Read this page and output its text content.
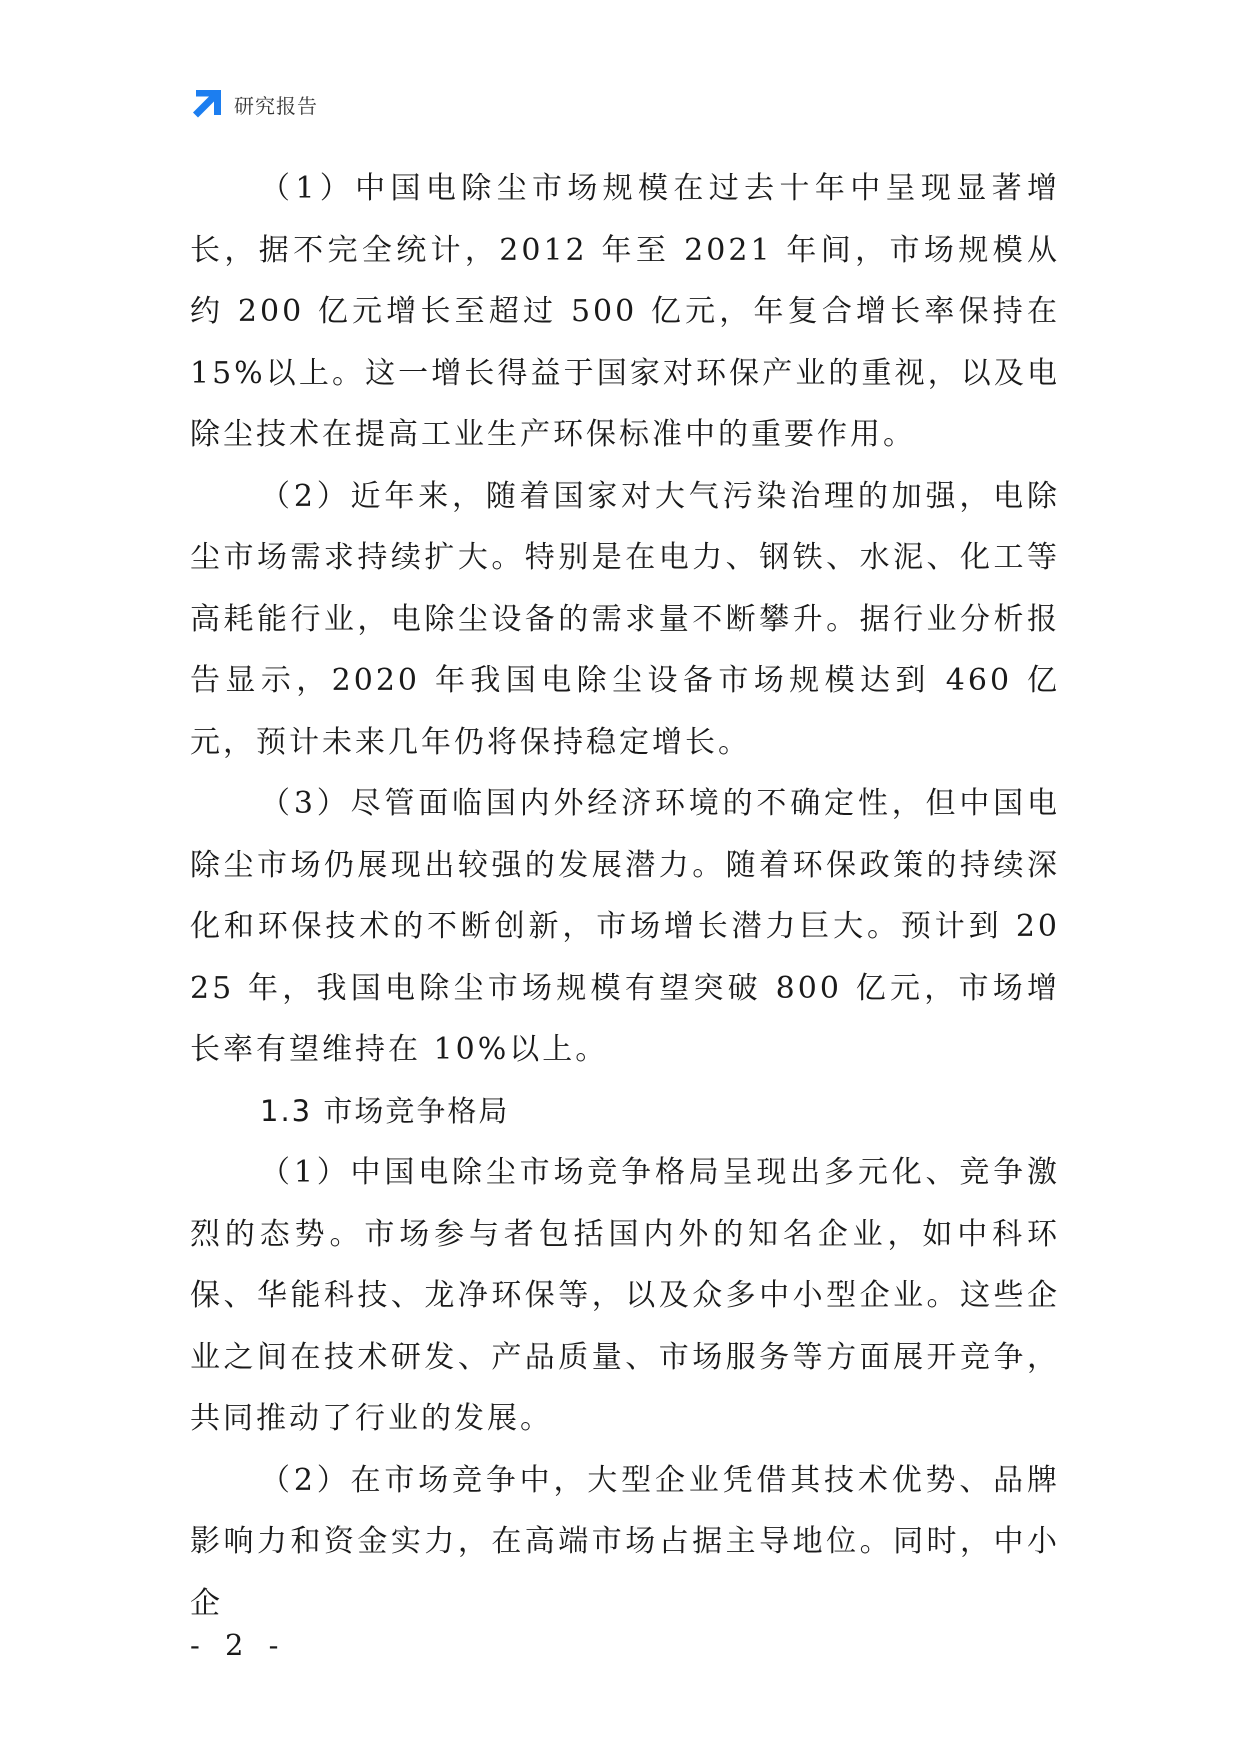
研究报告

（1）中国电除尘市场规模在过去十年中呈现显著增长，据不完全统计，2012 年至 2021 年间，市场规模从约 200 亿元增长至超过 500 亿元，年复合增长率保持在 15%以上。这一增长得益于国家对环保产业的重视，以及电除尘技术在提高工业生产环保标准中的重要作用。

（2）近年来，随着国家对大气污染治理的加强，电除尘市场需求持续扩大。特别是在电力、钢铁、水泥、化工等高耗能行业，电除尘设备的需求量不断攀升。据行业分析报告显示，2020 年我国电除尘设备市场规模达到 460 亿元，预计未来几年仍将保持稳定增长。

（3）尽管面临国内外经济环境的不确定性，但中国电除尘市场仍展现出较强的发展潜力。随着环保政策的持续深化和环保技术的不断创新，市场增长潜力巨大。预计到 2025 年，我国电除尘市场规模有望突破 800 亿元，市场增长率有望维持在 10%以上。

1.3 市场竞争格局

（1）中国电除尘市场竞争格局呈现出多元化、竞争激烈的态势。市场参与者包括国内外的知名企业，如中科环保、华能科技、龙净环保等，以及众多中小型企业。这些企业之间在技术研发、产品质量、市场服务等方面展开竞争，共同推动了行业的发展。

（2）在市场竞争中，大型企业凭借其技术优势、品牌影响力和资金实力，在高端市场占据主导地位。同时，中小企

- 2 -
